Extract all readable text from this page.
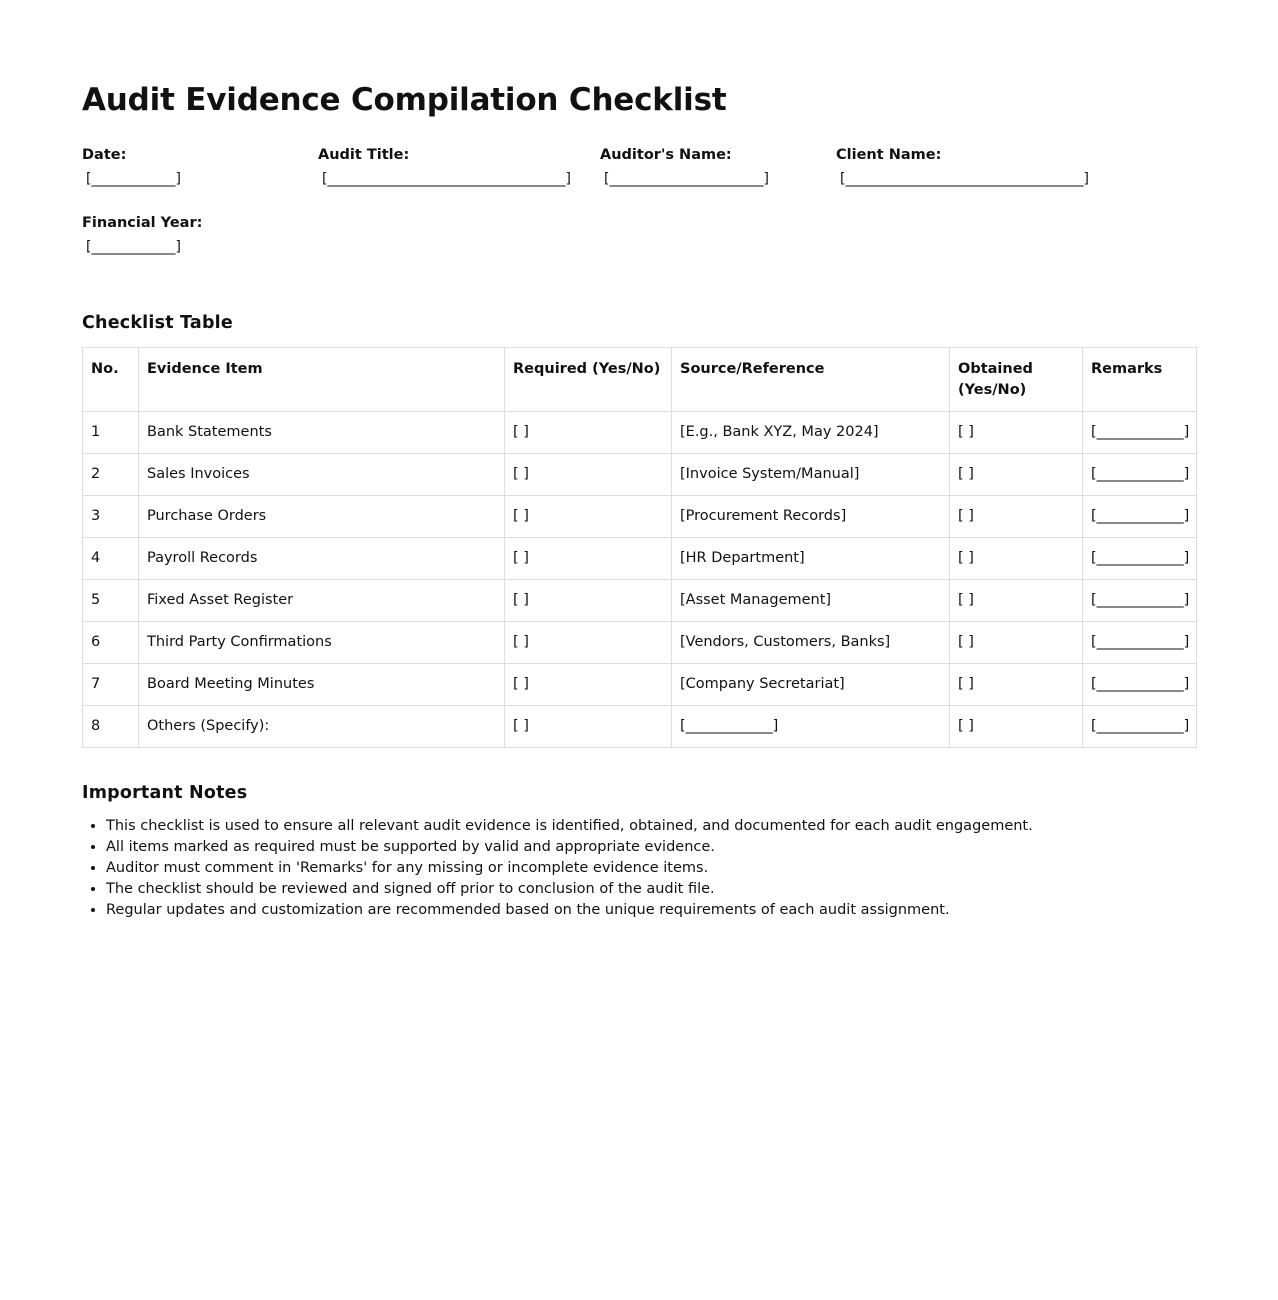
Audit Evidence Compilation Checklist
Date:
[____________]
Audit Title:
[__________________________________]
Auditor's Name:
[______________________]
Client Name:
[__________________________________]
Financial Year:
[____________]
Checklist Table
No.	Evidence Item	Required (Yes/No)	Source/Reference	Obtained (Yes/No)	Remarks
1	Bank Statements	[ ]	[E.g., Bank XYZ, May 2024]	[ ]	[____________]
2	Sales Invoices	[ ]	[Invoice System/Manual]	[ ]	[____________]
3	Purchase Orders	[ ]	[Procurement Records]	[ ]	[____________]
4	Payroll Records	[ ]	[HR Department]	[ ]	[____________]
5	Fixed Asset Register	[ ]	[Asset Management]	[ ]	[____________]
6	Third Party Confirmations	[ ]	[Vendors, Customers, Banks]	[ ]	[____________]
7	Board Meeting Minutes	[ ]	[Company Secretariat]	[ ]	[____________]
8	Others (Specify):	[ ]	[____________]	[ ]	[____________]
Important Notes
• This checklist is used to ensure all relevant audit evidence is identified, obtained, and documented for each audit engagement.
• All items marked as required must be supported by valid and appropriate evidence.
• Auditor must comment in 'Remarks' for any missing or incomplete evidence items.
• The checklist should be reviewed and signed off prior to conclusion of the audit file.
• Regular updates and customization are recommended based on the unique requirements of each audit assignment.
